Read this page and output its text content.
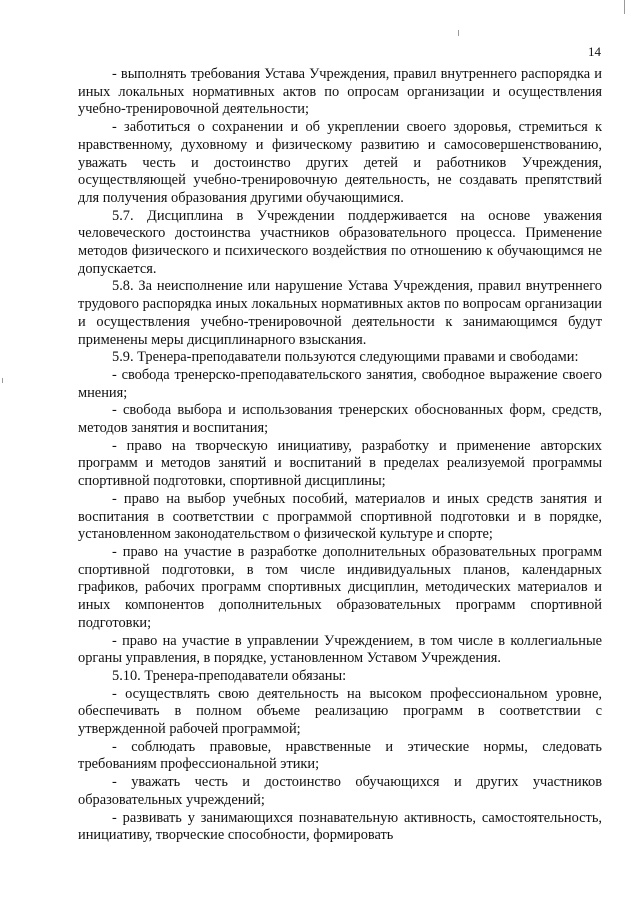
14

- выполнять требования Устава Учреждения, правил внутреннего распорядка и иных локальных нормативных актов по опросам организации и осуществления учебно-тренировочной деятельности;

- заботиться о сохранении и об укреплении своего здоровья, стремиться к нравственному, духовному и физическому развитию и самосовершенствованию, уважать честь и достоинство других детей и работников Учреждения, осуществляющей учебно-тренировочную деятельность, не создавать препятствий для получения образования другими обучающимися.

5.7. Дисциплина в Учреждении поддерживается на основе уважения человеческого достоинства участников образовательного процесса. Применение методов физического и психического воздействия по отношению к обучающимся не допускается.

5.8. За неисполнение или нарушение Устава Учреждения, правил внутреннего трудового распорядка иных локальных нормативных актов по вопросам организации и осуществления учебно-тренировочной деятельности к занимающимся будут применены меры дисциплинарного взыскания.

5.9. Тренера-преподаватели пользуются следующими правами и свободами:

- свобода тренерско-преподавательского занятия, свободное выражение своего мнения;

- свобода выбора и использования тренерских обоснованных форм, средств, методов занятия и воспитания;

- право на творческую инициативу, разработку и применение авторских программ и методов занятий и воспитаний в пределах реализуемой программы спортивной подготовки, спортивной дисциплины;

- право на выбор учебных пособий, материалов и иных средств занятия и воспитания в соответствии с программой спортивной подготовки и в порядке, установленном законодательством о физической культуре и спорте;

- право на участие в разработке дополнительных образовательных программ спортивной подготовки, в том числе индивидуальных планов, календарных графиков, рабочих программ спортивных дисциплин, методических материалов и иных компонентов дополнительных образовательных программ спортивной подготовки;

- право на участие в управлении Учреждением, в том числе в коллегиальные органы управления, в порядке, установленном Уставом Учреждения.

5.10. Тренера-преподаватели обязаны:

- осуществлять свою деятельность на высоком профессиональном уровне, обеспечивать в полном объеме реализацию программ в соответствии с утвержденной рабочей программой;

- соблюдать правовые, нравственные и этические нормы, следовать требованиям профессиональной этики;

- уважать честь и достоинство обучающихся и других участников образовательных учреждений;

- развивать у занимающихся познавательную активность, самостоятельность, инициативу, творческие способности, формировать
